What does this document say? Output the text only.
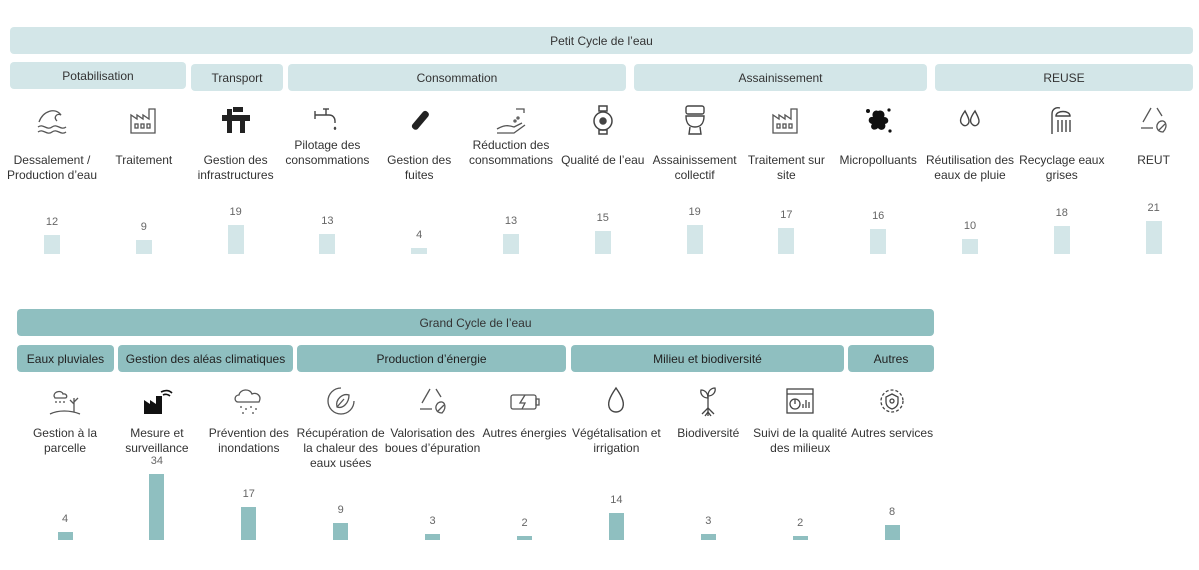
Petit Cycle de l’eau
Potabilisation	Transport	Consommation	Assainissement	REUSE
Grand Cycle de l’eau
Eaux pluviales	Gestion des aléas climatiques	Production d’énergie	Milieu et biodiversité	Autres
Dessalement / Production d’eau
12
Traitement
9
Gestion des infrastructures
19
Pilotage des consommations
13
Gestion des fuites
4
Réduction des consommations
13
Qualité de l’eau
15
Assainissement collectif
19
Traitement sur site
17
Micropolluants
16
Réutilisation des eaux de pluie
10
Recyclage eaux grises
18
REUT
21
Gestion à la parcelle
4
Mesure et surveillance
34
Prévention des inondations
17
Récupération de la chaleur des eaux usées
9
Valorisation des boues d’épuration
3
Autres énergies
2
Végétalisation et irrigation
14
Biodiversité
3
Suivi de la qualité des milieux
2
Autres services
8
